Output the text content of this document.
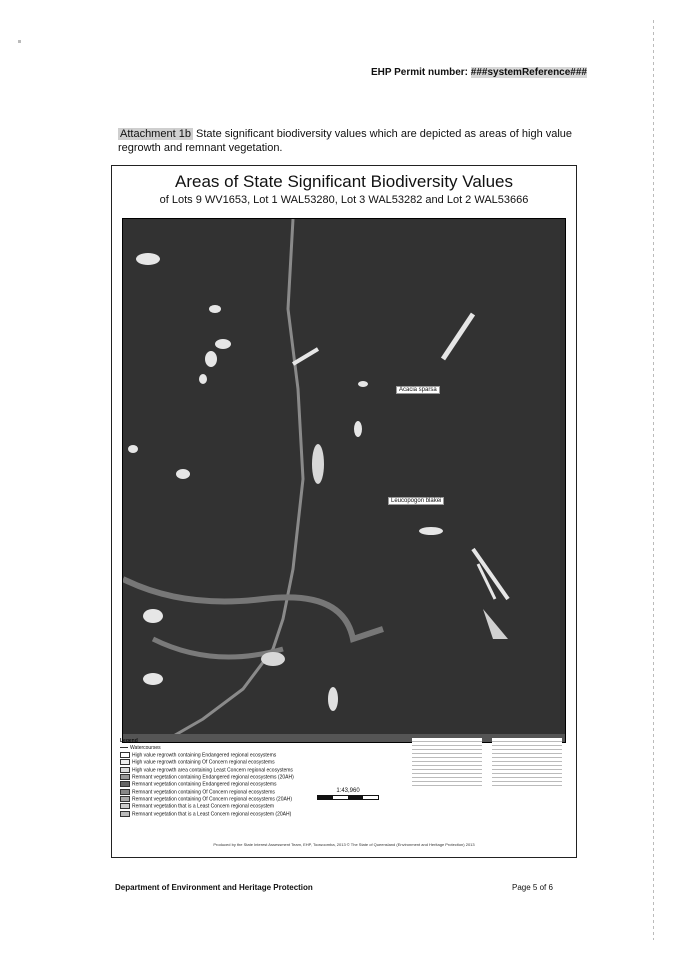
EHP Permit number: ###systemReference###
Attachment 1b State significant biodiversity values which are depicted as areas of high value regrowth and remnant vegetation.
Areas of State Significant Biodiversity Values
of Lots 9 WV1653, Lot 1 WAL53280, Lot 3 WAL53282 and Lot 2 WAL53666
Acacia sparsa
Leucopogon blakei
Legend
Watercourses
High value regrowth containing Endangered regional ecosystems
High value regrowth containing Of Concern regional ecosystems
High value regrowth area containing Least Concern regional ecosystems
Remnant vegetation containing Endangered regional ecosystems (20AH)
Remnant vegetation containing Endangered regional ecosystems
Remnant vegetation containing Of Concern regional ecosystems
Remnant vegetation containing Of Concern regional ecosystems (20AH)
Remnant vegetation that is a Least Concern regional ecosystem
Remnant vegetation that is a Least Concern regional ecosystem (20AH)
1:43,960
Produced by the State Interest Assessment Team, EHP, Toowoomba, 2013 © The State of Queensland (Environment and Heritage Protection) 2013
Department of Environment and Heritage Protection	Page 5 of 6
